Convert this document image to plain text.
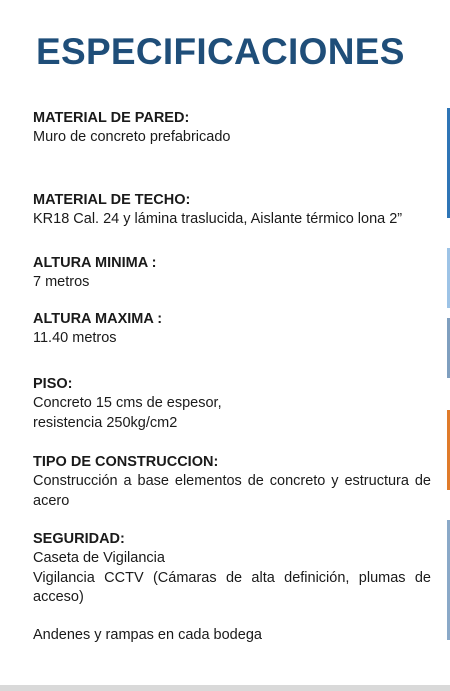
ESPECIFICACIONES

MATERIAL DE PARED:

Muro de concreto prefabricado

MATERIAL DE TECHO:

KR18 Cal. 24 y lámina traslucida, Aislante térmico lona 2”

ALTURA MINIMA :

7 metros

ALTURA MAXIMA :

11.40 metros

PISO:

Concreto 15 cms de espesor,

resistencia 250kg/cm2

TIPO DE CONSTRUCCION:

Construcción a base elementos de concreto y estructura de acero

SEGURIDAD:

Caseta de Vigilancia

Vigilancia CCTV (Cámaras de alta definición, plumas de acceso)

Andenes y rampas en cada bodega
